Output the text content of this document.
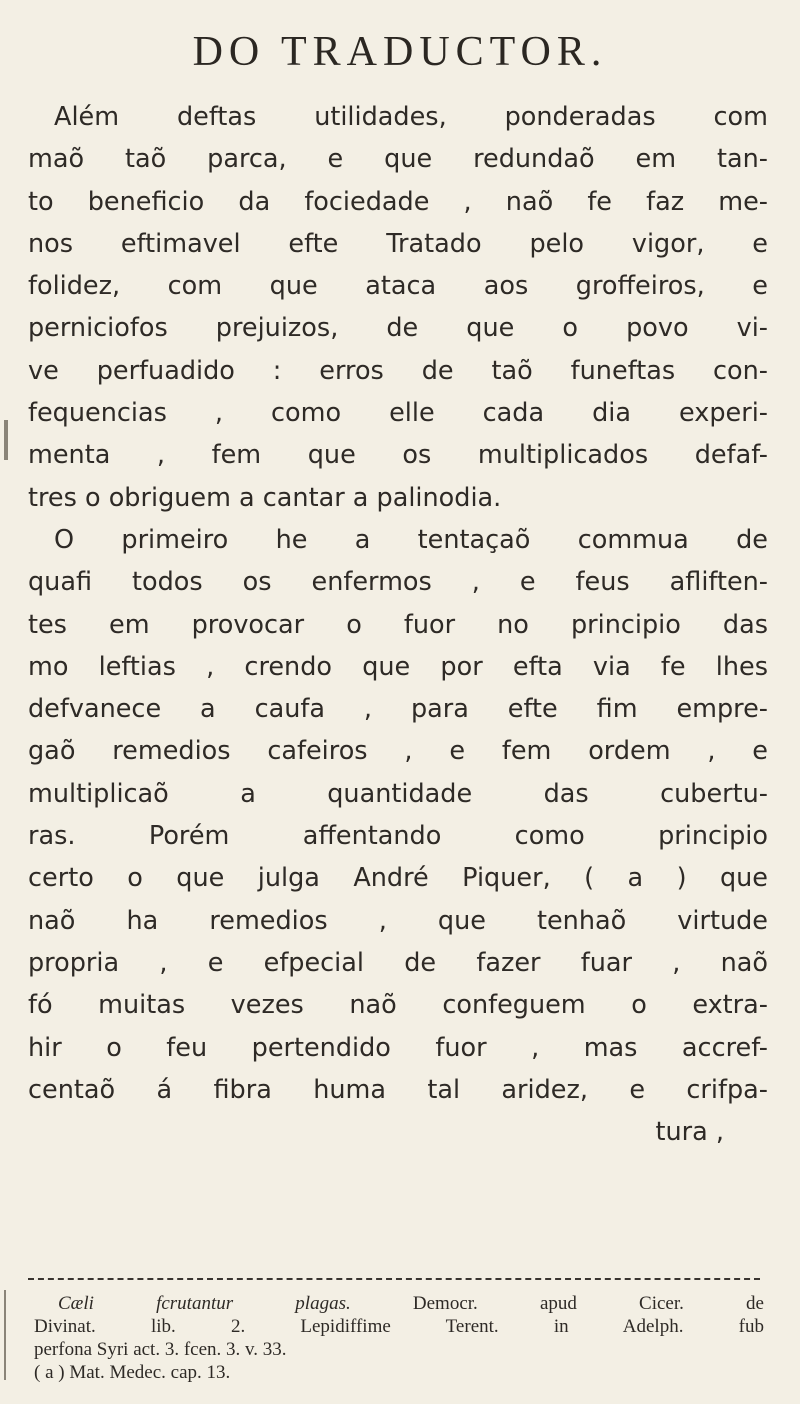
DO TRADUCTOR.
Além deftas utilidades, ponderadas com
maõ taõ parca, e que redundaõ em tan-
to beneficio da fociedade , naõ fe faz me-
nos eftimavel efte Tratado pelo vigor, e
folidez, com que ataca aos groffeiros, e
perniciofos prejuizos, de que o povo vi-
ve perfuadido : erros de taõ funeftas con-
fequencias , como elle cada dia experi-
menta , fem que os multiplicados defaf-
tres o obriguem a cantar a palinodia.
O primeiro he a tentaçaõ commua de
quafi todos os enfermos , e feus afliften-
tes em provocar o fuor no principio das
mo leftias , crendo que por efta via fe lhes
defvanece a caufa , para efte fim empre-
gaõ remedios cafeiros , e fem ordem , e
multiplicaõ a quantidade das cubertu-
ras. Porém affentando como principio
certo o que julga André Piquer, ( a ) que
naõ ha remedios , que tenhaõ virtude
propria , e efpecial de fazer fuar , naõ
fó muitas vezes naõ confeguem o extra-
hir o feu pertendido fuor , mas accref-
centaõ á fibra huma tal aridez, e crifpa-
tura ,
Cæli fcrutantur plagas. Democr. apud Cicer. de
Divinat. lib. 2. Lepidiffime Terent. in Adelph. fub
perfona Syri act. 3. fcen. 3. v. 33.
( a ) Mat. Medec. cap. 13.
